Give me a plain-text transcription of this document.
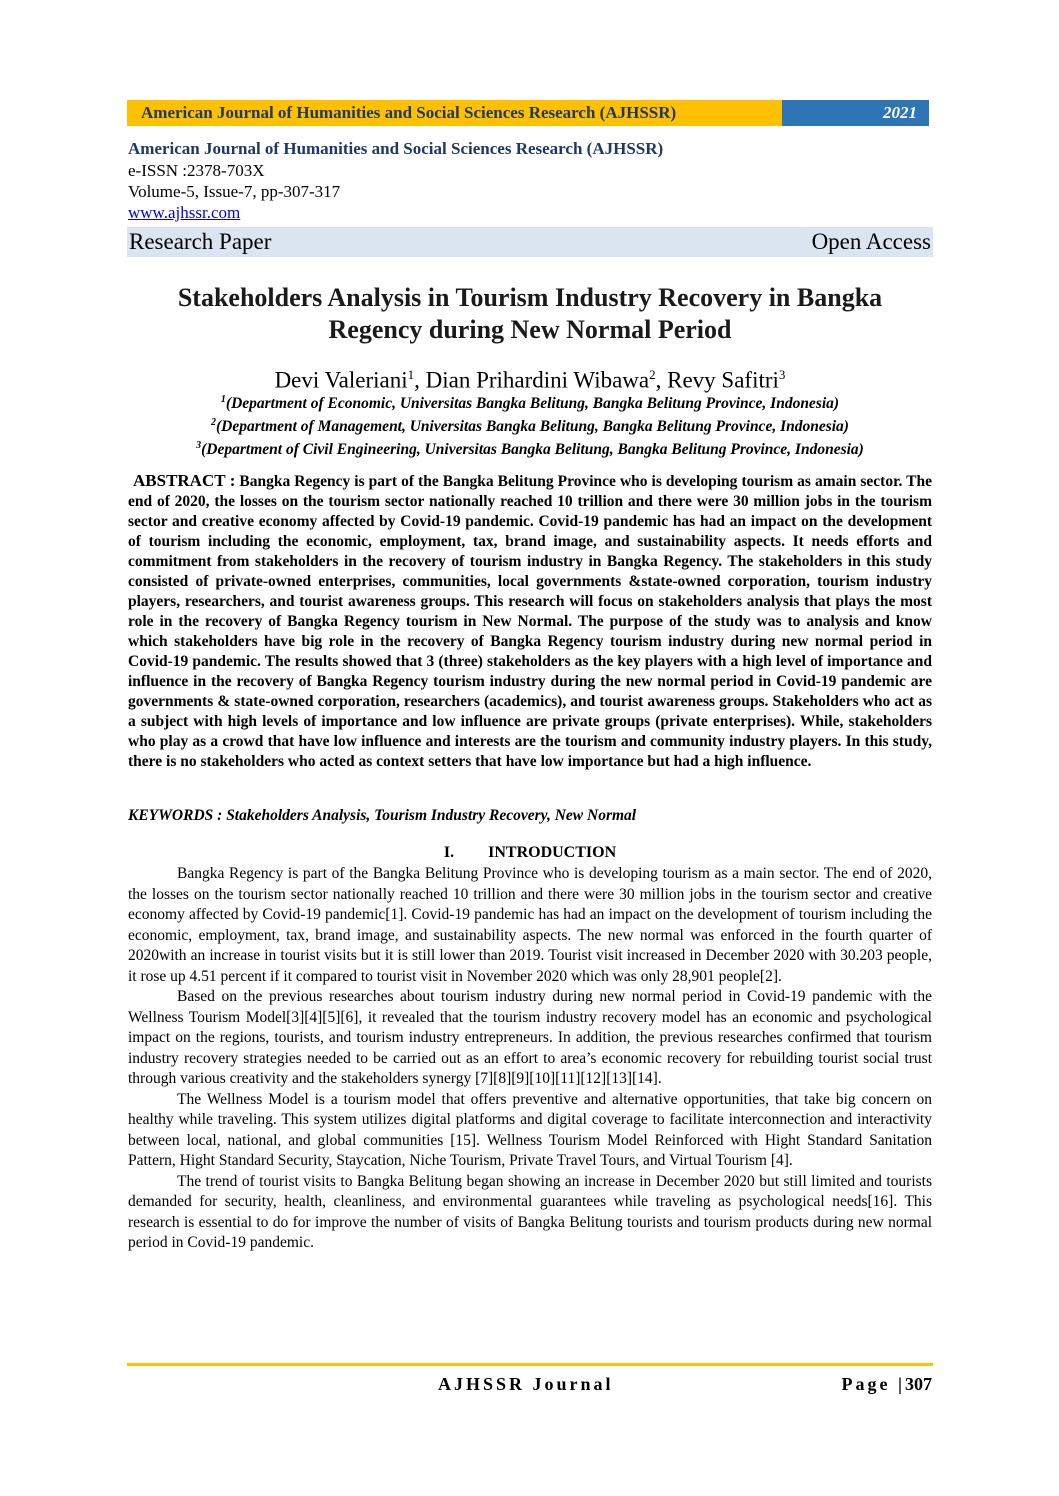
American Journal of Humanities and Social Sciences Research (AJHSSR)	2021
American Journal of Humanities and Social Sciences Research (AJHSSR)
e-ISSN :2378-703X
Volume-5, Issue-7, pp-307-317
www.ajhssr.com
Research Paper	Open Access
Stakeholders Analysis in Tourism Industry Recovery in Bangka Regency during New Normal Period
Devi Valeriani$^1$, Dian Prihardini Wibawa$^2$, Revy Safitri$^3$
$^1$(Department of Economic, Universitas Bangka Belitung, Bangka Belitung Province, Indonesia)
$^2$(Department of Management, Universitas Bangka Belitung, Bangka Belitung Province, Indonesia)
$^3$(Department of Civil Engineering, Universitas Bangka Belitung, Bangka Belitung Province, Indonesia)
ABSTRACT : Bangka Regency is part of the Bangka Belitung Province who is developing tourism as amain sector. The end of 2020, the losses on the tourism sector nationally reached 10 trillion and there were 30 million jobs in the tourism sector and creative economy affected by Covid-19 pandemic. Covid-19 pandemic has had an impact on the development of tourism including the economic, employment, tax, brand image, and sustainability aspects. It needs efforts and commitment from stakeholders in the recovery of tourism industry in Bangka Regency. The stakeholders in this study consisted of private-owned enterprises, communities, local governments &state-owned corporation, tourism industry players, researchers, and tourist awareness groups. This research will focus on stakeholders analysis that plays the most role in the recovery of Bangka Regency tourism in New Normal. The purpose of the study was to analysis and know which stakeholders have big role in the recovery of Bangka Regency tourism industry during new normal period in Covid-19 pandemic. The results showed that 3 (three) stakeholders as the key players with a high level of importance and influence in the recovery of Bangka Regency tourism industry during the new normal period in Covid-19 pandemic are governments & state-owned corporation, researchers (academics), and tourist awareness groups. Stakeholders who act as a subject with high levels of importance and low influence are private groups (private enterprises). While, stakeholders who play as a crowd that have low influence and interests are the tourism and community industry players. In this study, there is no stakeholders who acted as context setters that have low importance but had a high influence.
KEYWORDS : Stakeholders Analysis, Tourism Industry Recovery, New Normal
I. INTRODUCTION

Bangka Regency is part of the Bangka Belitung Province who is developing tourism as a main sector. The end of 2020, the losses on the tourism sector nationally reached 10 trillion and there were 30 million jobs in the tourism sector and creative economy affected by Covid-19 pandemic[1]. Covid-19 pandemic has had an impact on the development of tourism including the economic, employment, tax, brand image, and sustainability aspects. The new normal was enforced in the fourth quarter of 2020with an increase in tourist visits but it is still lower than 2019. Tourist visit increased in December 2020 with 30.203 people, it rose up 4.51 percent if it compared to tourist visit in November 2020 which was only 28,901 people[2].

Based on the previous researches about tourism industry during new normal period in Covid-19 pandemic with the Wellness Tourism Model[3][4][5][6], it revealed that the tourism industry recovery model has an economic and psychological impact on the regions, tourists, and tourism industry entrepreneurs. In addition, the previous researches confirmed that tourism industry recovery strategies needed to be carried out as an effort to area’s economic recovery for rebuilding tourist social trust through various creativity and the stakeholders synergy [7][8][9][10][11][12][13][14].

The Wellness Model is a tourism model that offers preventive and alternative opportunities, that take big concern on healthy while traveling. This system utilizes digital platforms and digital coverage to facilitate interconnection and interactivity between local, national, and global communities [15]. Wellness Tourism Model Reinforced with Hight Standard Sanitation Pattern, Hight Standard Security, Staycation, Niche Tourism, Private Travel Tours, and Virtual Tourism [4].

The trend of tourist visits to Bangka Belitung began showing an increase in December 2020 but still limited and tourists demanded for security, health, cleanliness, and environmental guarantees while traveling as psychological needs[16]. This research is essential to do for improve the number of visits of Bangka Belitung tourists and tourism products during new normal period in Covid-19 pandemic.

AJHSSR Journal	Page |307
